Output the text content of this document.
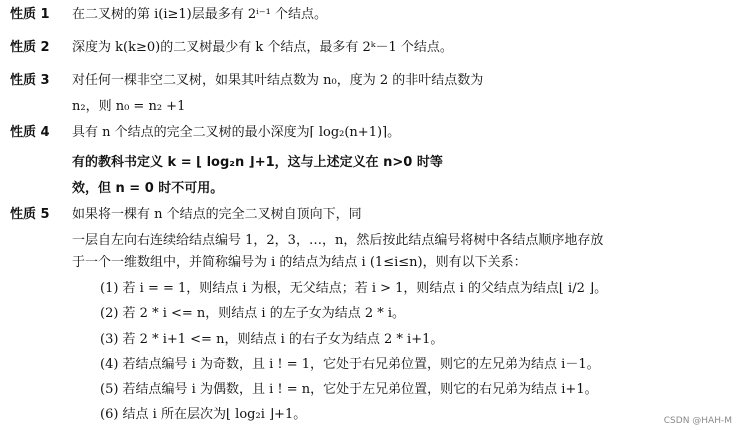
性质 1 在二叉树的第 i(i≥1)层最多有 2ⁱ⁻¹ 个结点。
性质 2 深度为 k(k≥0)的二叉树最少有 k 个结点，最多有 2ᵏ－1 个结点。
性质 3 对任何一棵非空二叉树，如果其叶结点数为 n₀，度为 2 的非叶结点数为
n₂，则 n₀ = n₂ +1
性质 4 具有 n 个结点的完全二叉树的最小深度为⌈ log₂(n+1)⌉。
有的教科书定义 k = ⌊ log₂n ⌋+1，这与上述定义在 n>0 时等
效，但 n = 0 时不可用。
性质 5 如果将一棵有 n 个结点的完全二叉树自顶向下，同
一层自左向右连续给结点编号 1，2，3，…，n，然后按此结点编号将树中各结点顺序地存放
于一个一维数组中，并简称编号为 i 的结点为结点 i (1≤i≤n)，则有以下关系：
(1) 若 i = = 1，则结点 i 为根，无父结点；若 i > 1，则结点 i 的父结点为结点⌊ i/2 ⌋。
(2) 若 2 * i <= n，则结点 i 的左子女为结点 2 * i。
(3) 若 2 * i+1 <= n，则结点 i 的右子女为结点 2 * i+1。
(4) 若结点编号 i 为奇数，且 i ! = 1，它处于右兄弟位置，则它的左兄弟为结点 i－1。
(5) 若结点编号 i 为偶数，且 i ! = n，它处于左兄弟位置，则它的右兄弟为结点 i+1。
(6) 结点 i 所在层次为⌊ log₂i ⌋+1。	CSDN @HAH-M
